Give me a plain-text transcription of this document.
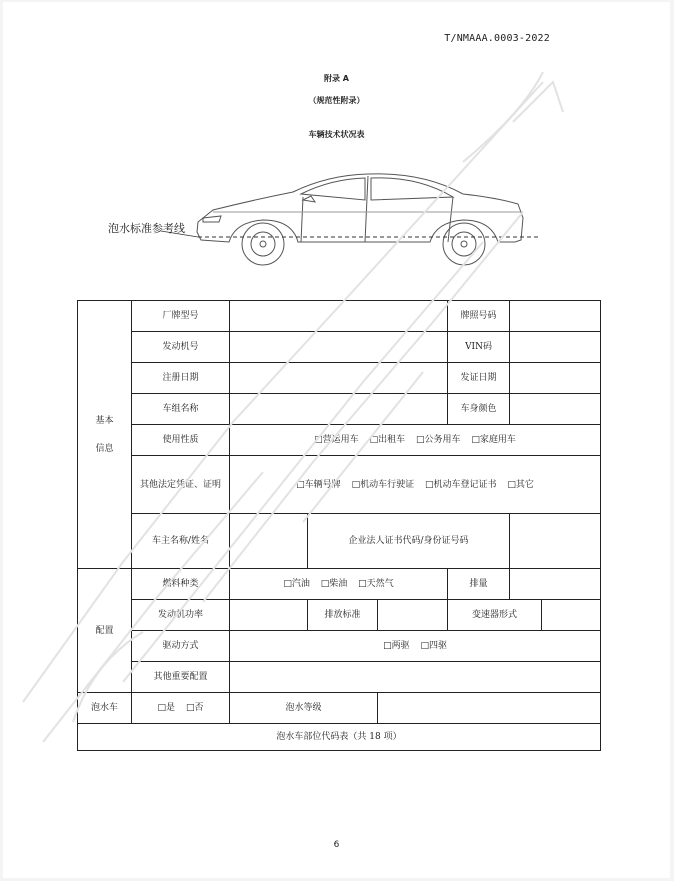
T/NMAAA.0003-2022
附录 A
（规范性附录）
车辆技术状况表
泡水标准参考线
基本信息	厂牌型号				牌照号码		
	发动机号				VIN码		
	注册日期				发证日期		
	车组名称				车身颜色		
	使用性质	□营运用车 □出租车 □公务用车 □家庭用车					
	其他法定凭证、证明	□车辆号牌 □机动车行驶证 □机动车登记证书 □其它					
	车主名称/姓名		企业法人证书代码/身份证号码				
配置	燃料种类	□汽油 □柴油 □天然气			排量		
	发动机功率		排放标准		变速器形式		
	驱动方式	□两驱 □四驱					
	其他重要配置						
泡水车	□是 □否	泡水等级					
泡水车部位代码表（共 18 项）							
6
